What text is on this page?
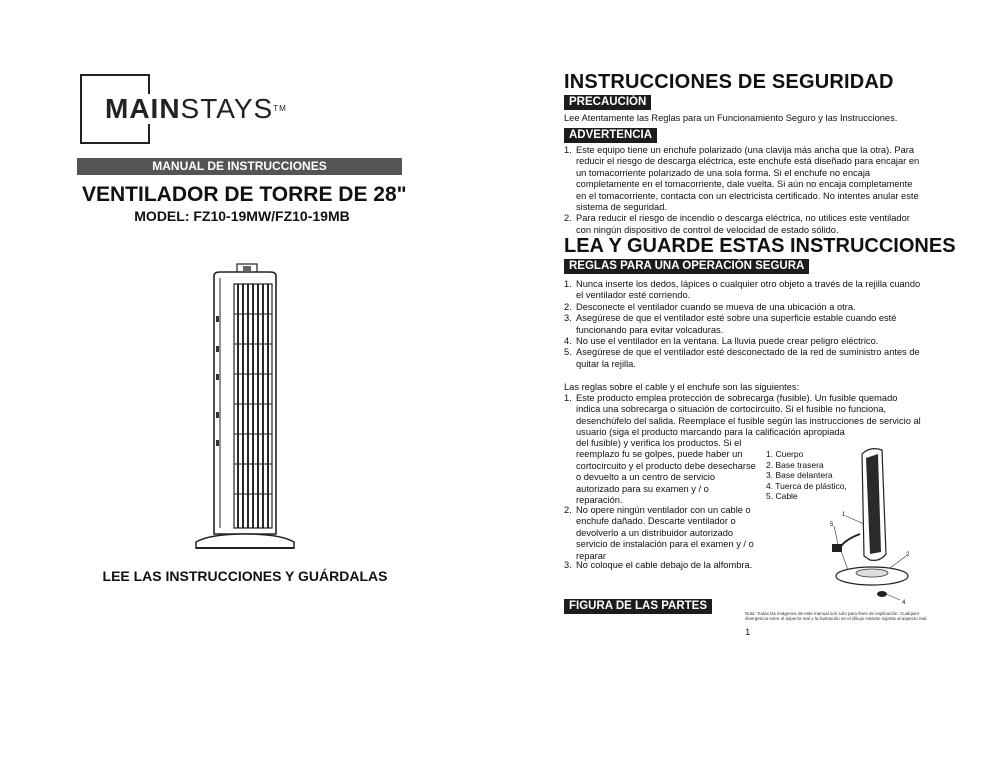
MAINSTAYS™
MANUAL DE INSTRUCCIONES
VENTILADOR DE TORRE DE 28"
MODEL: FZ10-19MW/FZ10-19MB
LEE LAS INSTRUCCIONES Y GUÁRDALAS
INSTRUCCIONES DE SEGURIDAD
PRECAUCIÓN
Lee Atentamente las Reglas para un Funcionamiento Seguro y las Instrucciones.
ADVERTENCIA
1. Este equipo tiene un enchufe polarizado (una clavija más ancha que la otra). Para reducir el riesgo de descarga eléctrica, este enchufe está diseñado para encajar en un tomacorriente polarizado de una sola forma. Si el enchufe no encaja completamente en el tomacorriente, dale vuelta. Si aún no encaja completamente en el tomacorriente, contacta con un electricista certificado. No intentes anular este sistema de seguridad.
2. Para reducir el riesgo de incendio o descarga eléctrica, no utilices este ventilador con ningún dispositivo de control de velocidad de estado sólido.
LEA Y GUARDE ESTAS INSTRUCCIONES
REGLAS PARA UNA OPERACIÓN SEGURA
1. Nunca inserte los dedos, lápices o cualquier otro objeto a través de la rejilla cuando el ventilador esté corriendo.
2. Desconecte el ventilador cuando se mueva de una ubicación a otra.
3. Asegúrese de que el ventilador esté sobre una superficie estable cuando esté funcionando para evitar volcaduras.
4. No use el ventilador en la ventana. La lluvia puede crear peligro eléctrico.
5. Asegúrese de que el ventilador esté desconectado de la red de suministro antes de quitar la rejilla.
Las reglas sobre el cable y el enchufe son las siguientes:
1. Este producto emplea protección de sobrecarga (fusible). Un fusible quemado indica una sobrecarga o situación de cortocircuito. Si el fusible no funciona, desenchúfelo del salida. Reemplace el fusible según las instrucciones de servicio al usuario (siga el producto marcando para la calificación apropiada
del fusible) y verifica los productos. Si el reemplazo fu se golpes, puede haber un cortocircuito y el producto debe desecharse o devuelto a un centro de servicio autorizado para su examen y / o reparación.
2. No opere ningún ventilador con un cable o enchufe dañado. Descarte ventilador o devolverlo a un distribuidor autorizado servicio de instalación para el examen y / o reparar
3. No coloque el cable debajo de la alfombra.
1. Cuerpo
2. Base trasera
3. Base delantera
4. Tuerca de plástico,
5. Cable
1
2
3
4
5
FIGURA DE LAS PARTES
Nota: Todas las imágenes de este manual son solo para fines de explicación. Cualquier divergencia entre el aspecto real y la ilustración en el dibujo estarán sujetas al aspecto real.
1
